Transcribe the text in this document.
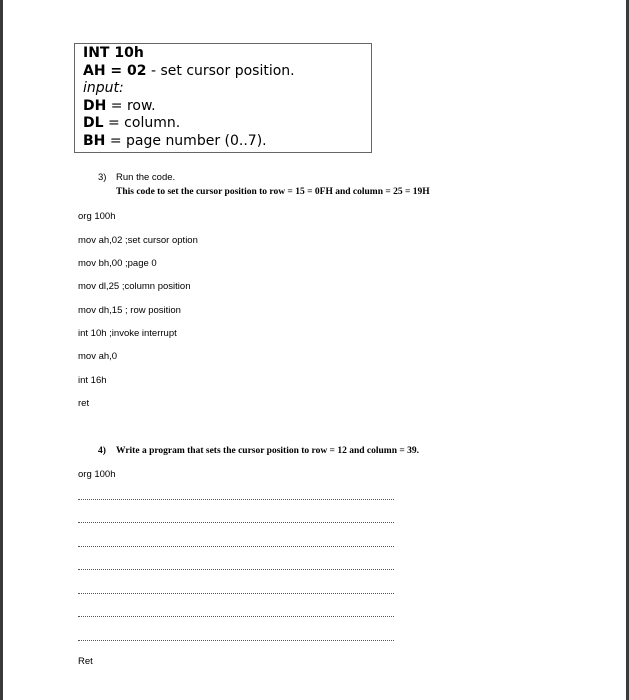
INT 10h
AH = 02 - set cursor position.
input:
DH = row.
DL = column.
BH = page number (0..7).
3) Run the code.
This code to set the cursor position to row = 15 = 0FH and column = 25 = 19H
org 100h
mov ah,02 ;set cursor option
mov bh,00 ;page 0
mov dl,25 ;column position
mov dh,15 ; row position
int 10h ;invoke interrupt
mov ah,0
int 16h
ret
4) Write a program that sets the cursor position to row = 12 and column = 39.
org 100h
Ret
